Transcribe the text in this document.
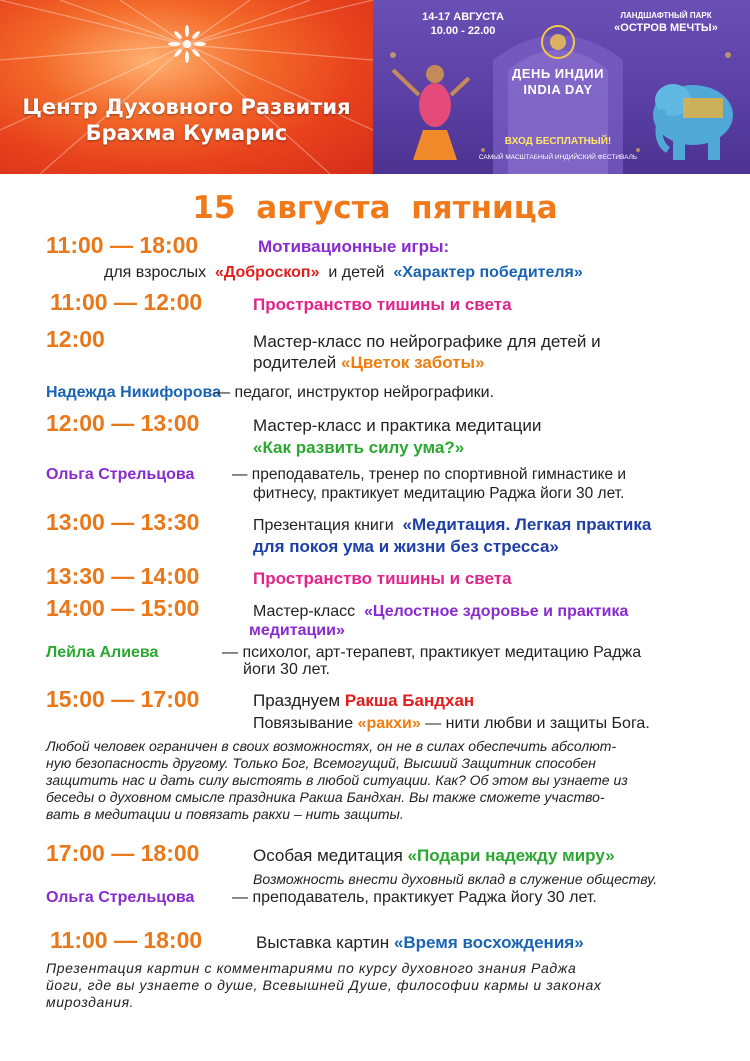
Центр Духовного Развития
Брахма Кумарис
14-17 АВГУСТА
10.00 - 22.00
ЛАНДШАФТНЫЙ ПАРК
«ОСТРОВ МЕЧТЫ»
ДЕНЬ ИНДИИ
INDIA DAY
ВХОД БЕСПЛАТНЫЙ!
САМЫЙ МАСШТАБНЫЙ ИНДИЙСКИЙ ФЕСТИВАЛЬ
15 августа пятница
11:00 — 18:00	Мотивационные игры:
для взрослых «Доброскоп» и детей «Характер победителя»
11:00 — 12:00	Пространство тишины и света
12:00	Мастер-класс по нейрографике для детей и
родителей «Цветок заботы»
Надежда Никифорова
— педагог, инструктор нейрографики.
12:00 — 13:00	Мастер-класс и практика медитации
«Как развить силу ума?»
Ольга Стрельцова — преподаватель, тренер по спортивной гимнастике и
фитнесу, практикует медитацию Раджа йоги 30 лет.
13:00 — 13:30	Презентация книги «Медитация. Легкая практика
для покоя ума и жизни без стресса»
13:30 — 14:00	Пространство тишины и света
14:00 — 15:00	Мастер-класс «Целостное здоровье и практика
медитации»
Лейла Алиева	— психолог, арт-терапевт, практикует медитацию Раджа
йоги 30 лет.
15:00 — 17:00	Празднуем Ракша Бандхан
Повязывание «ракхи» — нити любви и защиты Бога.
Любой человек ограничен в своих возможностях, он не в силах обеспечить абсолют-
ную безопасность другому. Только Бог, Всемогущий, Высший Защитник способен
защитить нас и дать силу выстоять в любой ситуации. Как? Об этом вы узнаете из
беседы о духовном смысле праздника Ракша Бандхан. Вы также сможете участво-
вать в медитации и повязать ракхи – нить защиты.
17:00 — 18:00	Особая медитация «Подари надежду миру»
Возможность внести духовный вклад в служение обществу.
Ольга Стрельцова — преподаватель, практикует Раджа йогу 30 лет.
11:00 — 18:00	Выставка картин «Время восхождения»
Презентация картин с комментариями по курсу духовного знания Раджа
йоги, где вы узнаете о душе, Всевышней Душе, философии кармы и законах
мироздания.
